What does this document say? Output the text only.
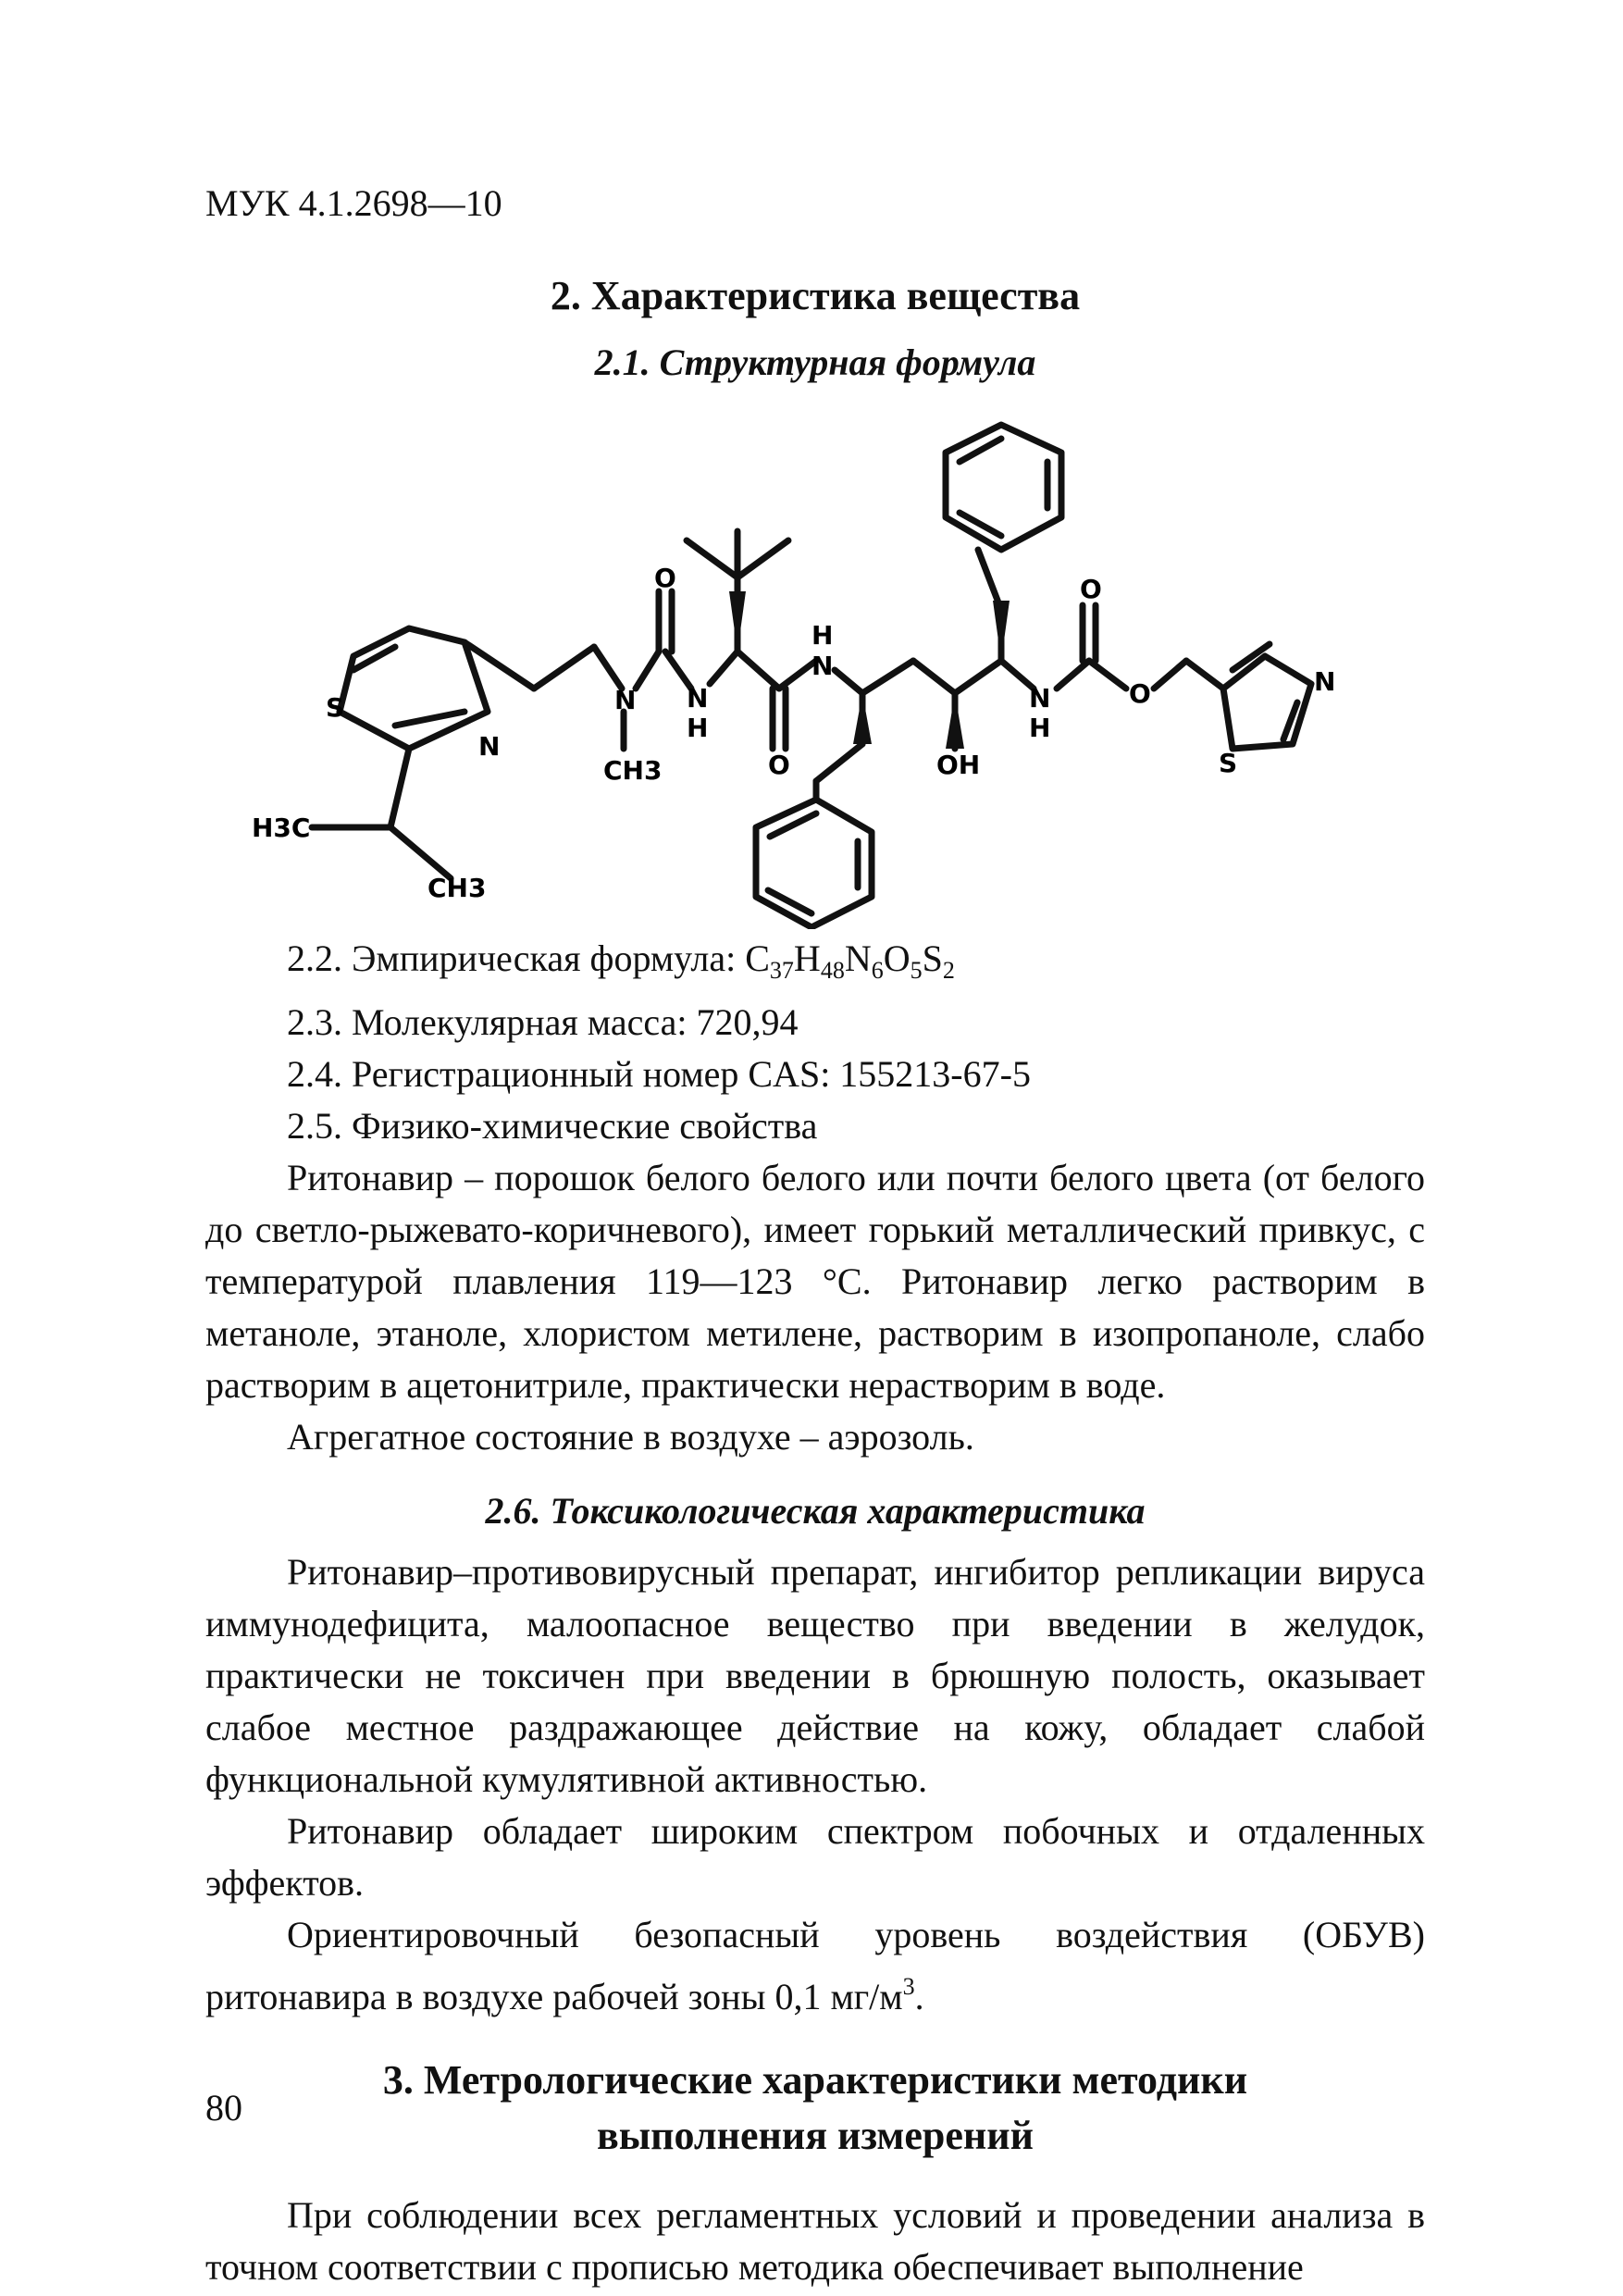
МУК 4.1.2698—10
2. Характеристика вещества
2.1. Структурная формула
S
N
H3C
CH3
N
CH3
O
N
H
O
H
N
OH
N
H
O
O	N
S

2.2. Эмпирическая формула: $C_{37}H_{48}N_6O_5S_2$

2.3. Молекулярная масса: 720,94

2.4. Регистрационный номер CAS: 155213-67-5

2.5. Физико-химические свойства

Ритонавир – порошок белого белого или почти белого цвета (от белого до светло-рыжевато-коричневого), имеет горький металлический привкус, с температурой плавления 119—123 °C. Ритонавир легко растворим в метаноле, этаноле, хлористом метилене, растворим в изопропаноле, слабо растворим в ацетонитриле, практически нерастворим в воде.

Агрегатное состояние в воздухе – аэрозоль.

2.6. Токсикологическая характеристика

Ритонавир–противовирусный препарат, ингибитор репликации вируса иммунодефицита, малоопасное вещество при введении в желудок, практически не токсичен при введении в брюшную полость, оказывает слабое местное раздражающее действие на кожу, обладает слабой функциональной кумулятивной активностью.

Ритонавир обладает широким спектром побочных и отдаленных эффектов.

Ориентировочный безопасный уровень воздействия (ОБУВ) ритонавира в воздухе рабочей зоны 0,1 $мг/м^3$.

3. Метрологические характеристики методики
выполнения измерений

При соблюдении всех регламентных условий и проведении анализа в точном соответствии с прописью методика обеспечивает выполнение

80
